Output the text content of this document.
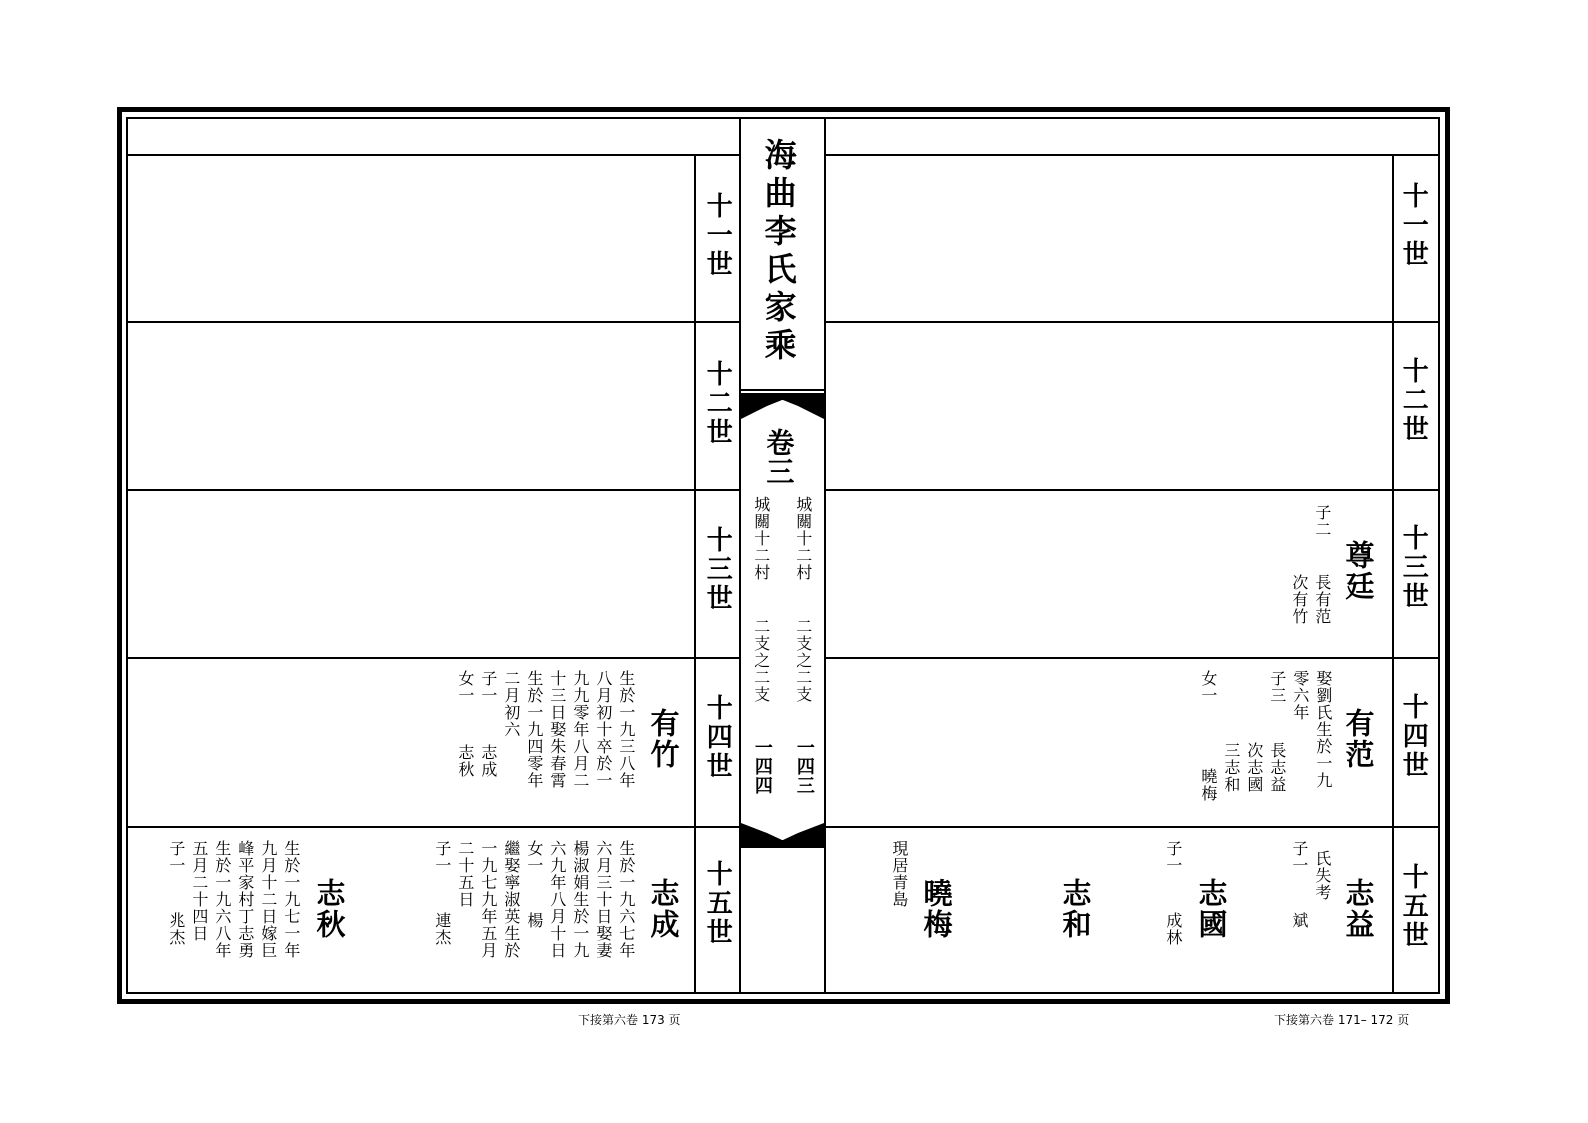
海曲李氏家乘
卷三
城關十二村
城關十二村
二支之二支
二支之二支
一四三
一四四
十一世
十二世
十三世
十四世
十五世
十一世
十二世
十三世
十四世
十五世
尊廷
子二
長有范
次有竹
有范
娶劉氏生於一九
零六年
子三
長志益
次志國
三志和
女一
曉梅
志益
氏失考
子一
斌
志國
子一
成林
志和
曉梅
現居青島
有竹
生於一九三八年
八月初十卒於一
九九零年八月二
十三日娶朱春霄
生於一九四零年
二月初六
子一
志成
女一
志秋
志成
生於一九六七年
六月三十日娶妻
楊淑娟生於一九
六九年八月十日
女一
楊
繼娶寧淑英生於
一九七九年五月
二十五日
子一
連杰
志秋
生於一九七一年
九月十二日嫁巨
峰平家村丁志勇
生於一九六八年
五月二十四日
子一
兆杰
下接第六卷 173 页	下接第六卷 171– 172 页
